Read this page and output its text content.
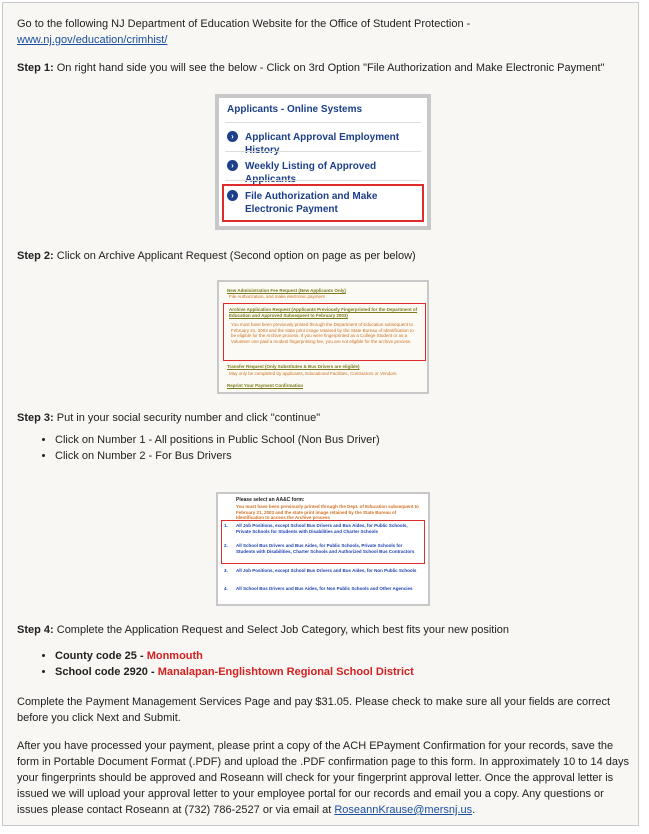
Go to the following NJ Department of Education Website for the Office of Student Protection -
www.nj.gov/education/crimhist/

Step 1: On right hand side you will see the below - Click on 3rd Option "File Authorization and Make Electronic Payment"

Applicants - Online Systems
›	Applicant Approval Employment
›	Weekly Listing of Approved
›	File Authorization and Make Electronic Payment

Step 2: Click on Archive Applicant Request (Second option on page as per below)

New Administration Fee Request (New Applicants Only)
File Authorization, and make electronic payment
Archive Application Request (Applicants Previously Fingerprinted for the Department of Education and Approved Subsequent to February 2003)
You must have been previously printed through the Department of Education subsequent to February 21, 2003 and the state print image retained by the State Bureau of Identification to be eligible for the Archive process. If you were fingerprinted as a College Student or as a Volunteer one paid a modest fingerprinting fee, you are not eligible for the archive process.
Transfer Request (Only Substitutes & Bus Drivers are eligible)
May only be completed by applicants, Educational Facilities, Contractors or Vendors.
Reprint Your Payment Confirmation

Step 3: Put in your social security number and click "continue"

• Click on Number 1 - All positions in Public School (Non Bus Driver)
• Click on Number 2 - For Bus Drivers
Please select an AA&C form:
You must have been previously printed through the Dept. of Education subsequent to February 21, 2003 and the state print image retained by the State Bureau of Identification to access the Archive process
1. All Job Positions, except School Bus Drivers and Bus Aides, for Public Schools, Private Schools for Students with Disabilities and Charter Schools
2. All School Bus Drivers and Bus Aides, for Public Schools, Private Schools for Students with Disabilities, Charter Schools and Authorized School Bus Contractors
3. All Job Positions, except School Bus Drivers and Bus Aides, for Non Public Schools
4. All School Bus Drivers and Bus Aides, for Non Public Schools and Other Agencies

Step 4: Complete the Application Request and Select Job Category, which best fits your new position

• County code 25 - Monmouth
• School code 2920 - Manalapan-Englishtown Regional School District

Complete the Payment Management Services Page and pay $31.05. Please check to make sure all your fields are correct before you click Next and Submit.

After you have processed your payment, please print a copy of the ACH EPayment Confirmation for your records, save the form in Portable Document Format (.PDF) and upload the .PDF confirmation page to this form. In approximately 10 to 14 days your fingerprints should be approved and Roseann will check for your fingerprint approval letter. Once the approval letter is issued we will upload your approval letter to your employee portal for our records and email you a copy. Any questions or issues please contact Roseann at (732) 786-2527 or via email at RoseannKrause@mersnj.us.
